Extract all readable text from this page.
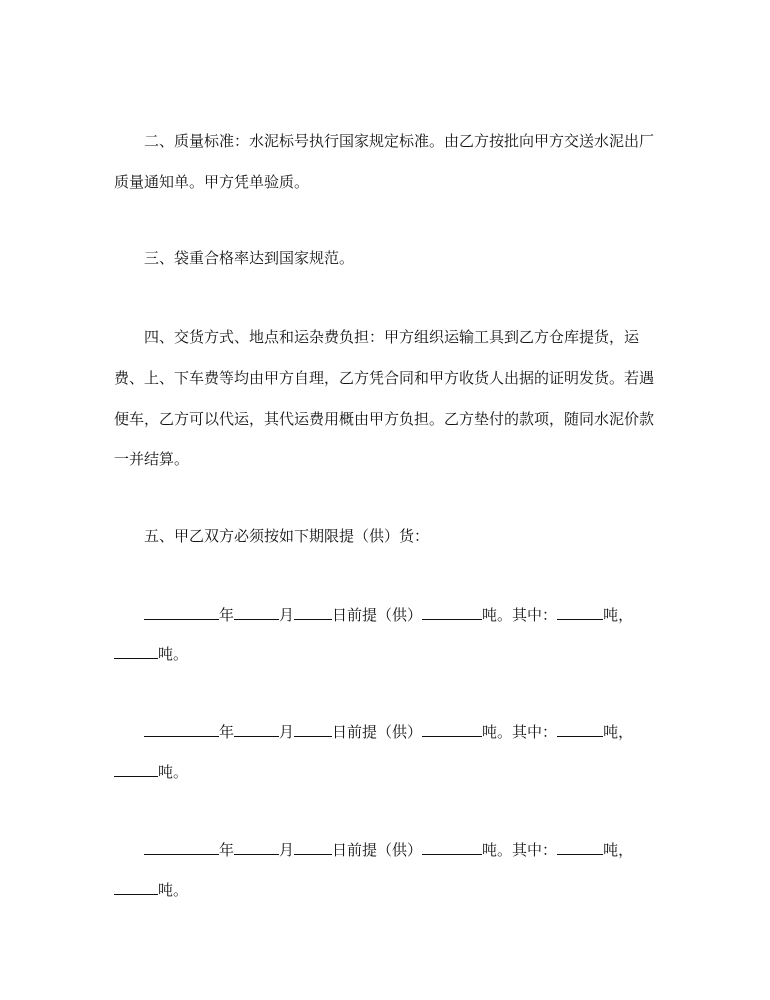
二、质量标准：水泥标号执行国家规定标准。由乙方按批向甲方交送水泥出厂
质量通知单。甲方凭单验质。
三、袋重合格率达到国家规范。
四、交货方式、地点和运杂费负担：甲方组织运输工具到乙方仓库提货，运
费、上、下车费等均由甲方自理，乙方凭合同和甲方收货人出据的证明发货。若遇
便车，乙方可以代运，其代运费用概由甲方负担。乙方垫付的款项，随同水泥价款
一并结算。
五、甲乙双方必须按如下期限提（供）货：
年	月	日前提（供）	吨。其中：	吨，
吨。
年	月	日前提（供）	吨。其中：	吨，
吨。
年	月	日前提（供）	吨。其中：	吨，
吨。
